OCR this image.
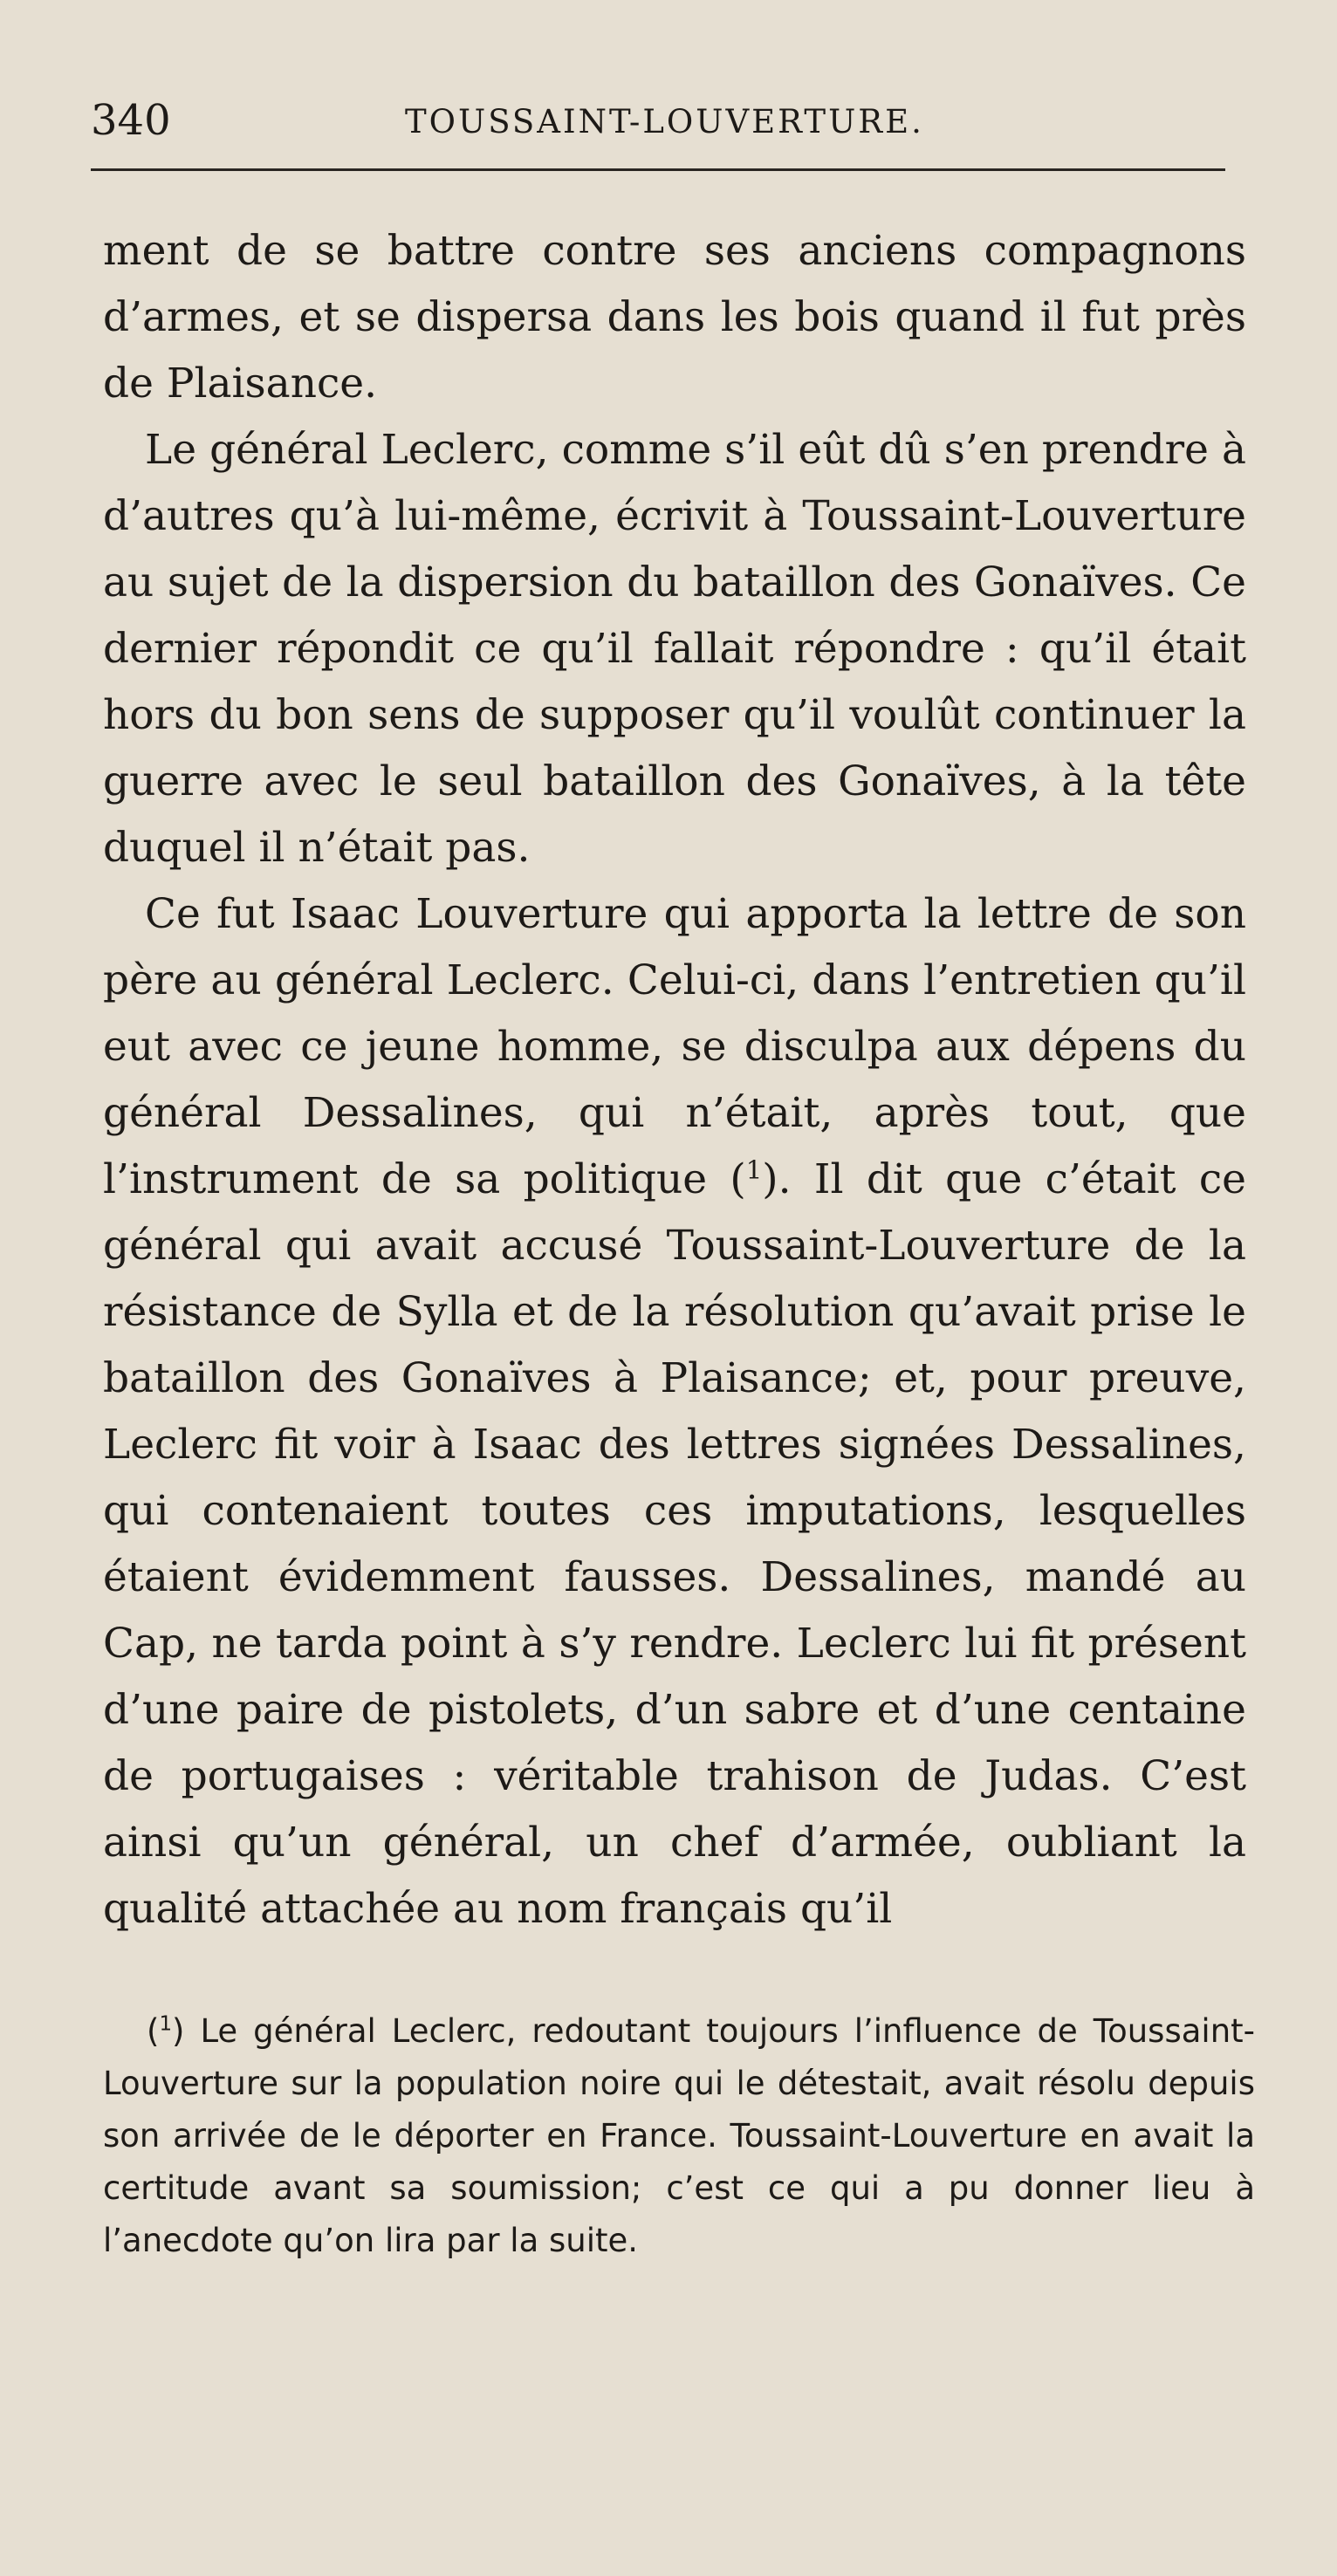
340	TOUSSAINT-LOUVERTURE.

ment de se battre contre ses anciens compagnons d’armes, et se dispersa dans les bois quand il fut près de Plaisance.

Le général Leclerc, comme s’il eût dû s’en prendre à d’autres qu’à lui-même, écrivit à Toussaint-Louverture au sujet de la dispersion du bataillon des Gonaïves. Ce dernier répondit ce qu’il fallait répondre : qu’il était hors du bon sens de supposer qu’il voulût continuer la guerre avec le seul bataillon des Gonaïves, à la tête duquel il n’était pas.

Ce fut Isaac Louverture qui apporta la lettre de son père au général Leclerc. Celui-ci, dans l’entretien qu’il eut avec ce jeune homme, se disculpa aux dépens du général Dessalines, qui n’était, après tout, que l’instrument de sa politique ($^1$). Il dit que c’était ce général qui avait accusé Toussaint-Louverture de la résistance de Sylla et de la résolution qu’avait prise le bataillon des Gonaïves à Plaisance; et, pour preuve, Leclerc fit voir à Isaac des lettres signées Dessalines, qui contenaient toutes ces imputations, lesquelles étaient évidemment fausses. Dessalines, mandé au Cap, ne tarda point à s’y rendre. Leclerc lui fit présent d’une paire de pistolets, d’un sabre et d’une centaine de portugaises : véritable trahison de Judas. C’est ainsi qu’un général, un chef d’armée, oubliant la qualité attachée au nom français qu’il

($^1$) Le général Leclerc, redoutant toujours l’influence de Toussaint-Louverture sur la population noire qui le détestait, avait résolu depuis son arrivée de le déporter en France. Toussaint-Louverture en avait la certitude avant sa soumission; c’est ce qui a pu donner lieu à l’anecdote qu’on lira par la suite.
